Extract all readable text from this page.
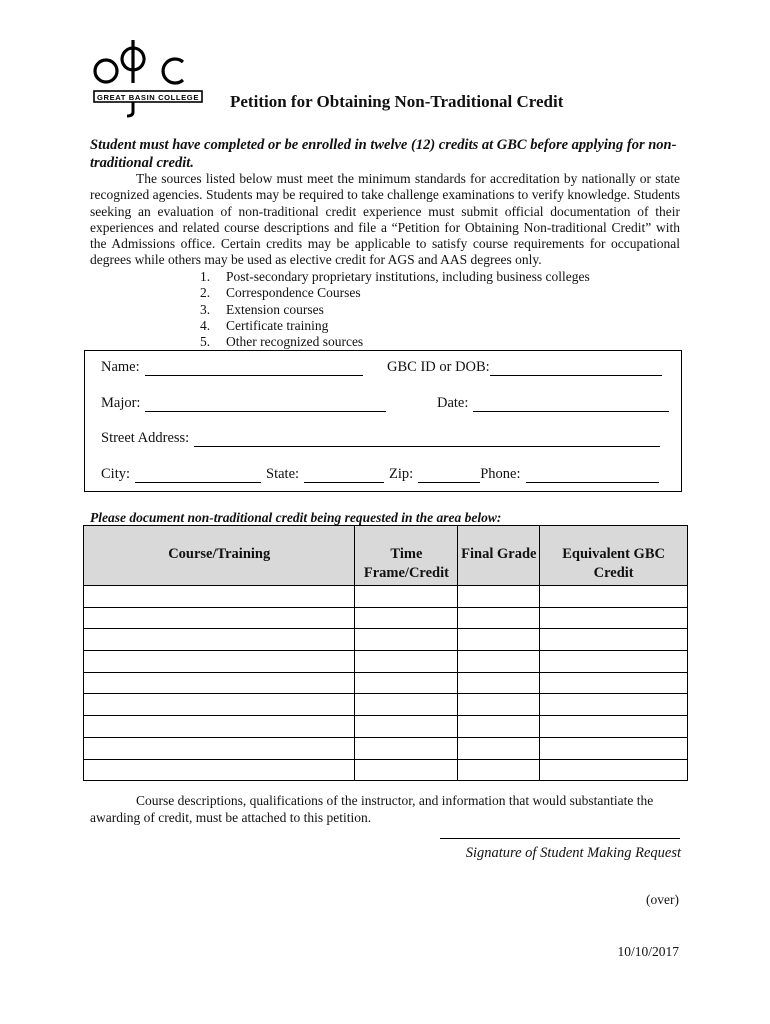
GREAT BASIN COLLEGE Petition for Obtaining Non-Traditional Credit
Student must have completed or be enrolled in twelve (12) credits at GBC before applying for non-traditional credit.

The sources listed below must meet the minimum standards for accreditation by nationally or state recognized agencies. Students may be required to take challenge examinations to verify knowledge. Students seeking an evaluation of non-traditional credit experience must submit official documentation of their experiences and related course descriptions and file a “Petition for Obtaining Non-traditional Credit” with the Admissions office. Certain credits may be applicable to satisfy course requirements for occupational degrees while others may be used as elective credit for AGS and AAS degrees only.

1.	Post-secondary proprietary institutions, including business colleges
2.	Correspondence Courses
3.	Extension courses
4.	Certificate training
5.	Other recognized sources
Name:	GBC ID or DOB:
Major:	Date:
Street Address:
City:	State:	Zip:	Phone:
Please document non-traditional credit being requested in the area below:
Course/Training	Time Frame/Credit	Final Grade	Equivalent GBC Credit

Course descriptions, qualifications of the instructor, and information that would substantiate the awarding of credit, must be attached to this petition.

Signature of Student Making Request
(over)
10/10/2017
